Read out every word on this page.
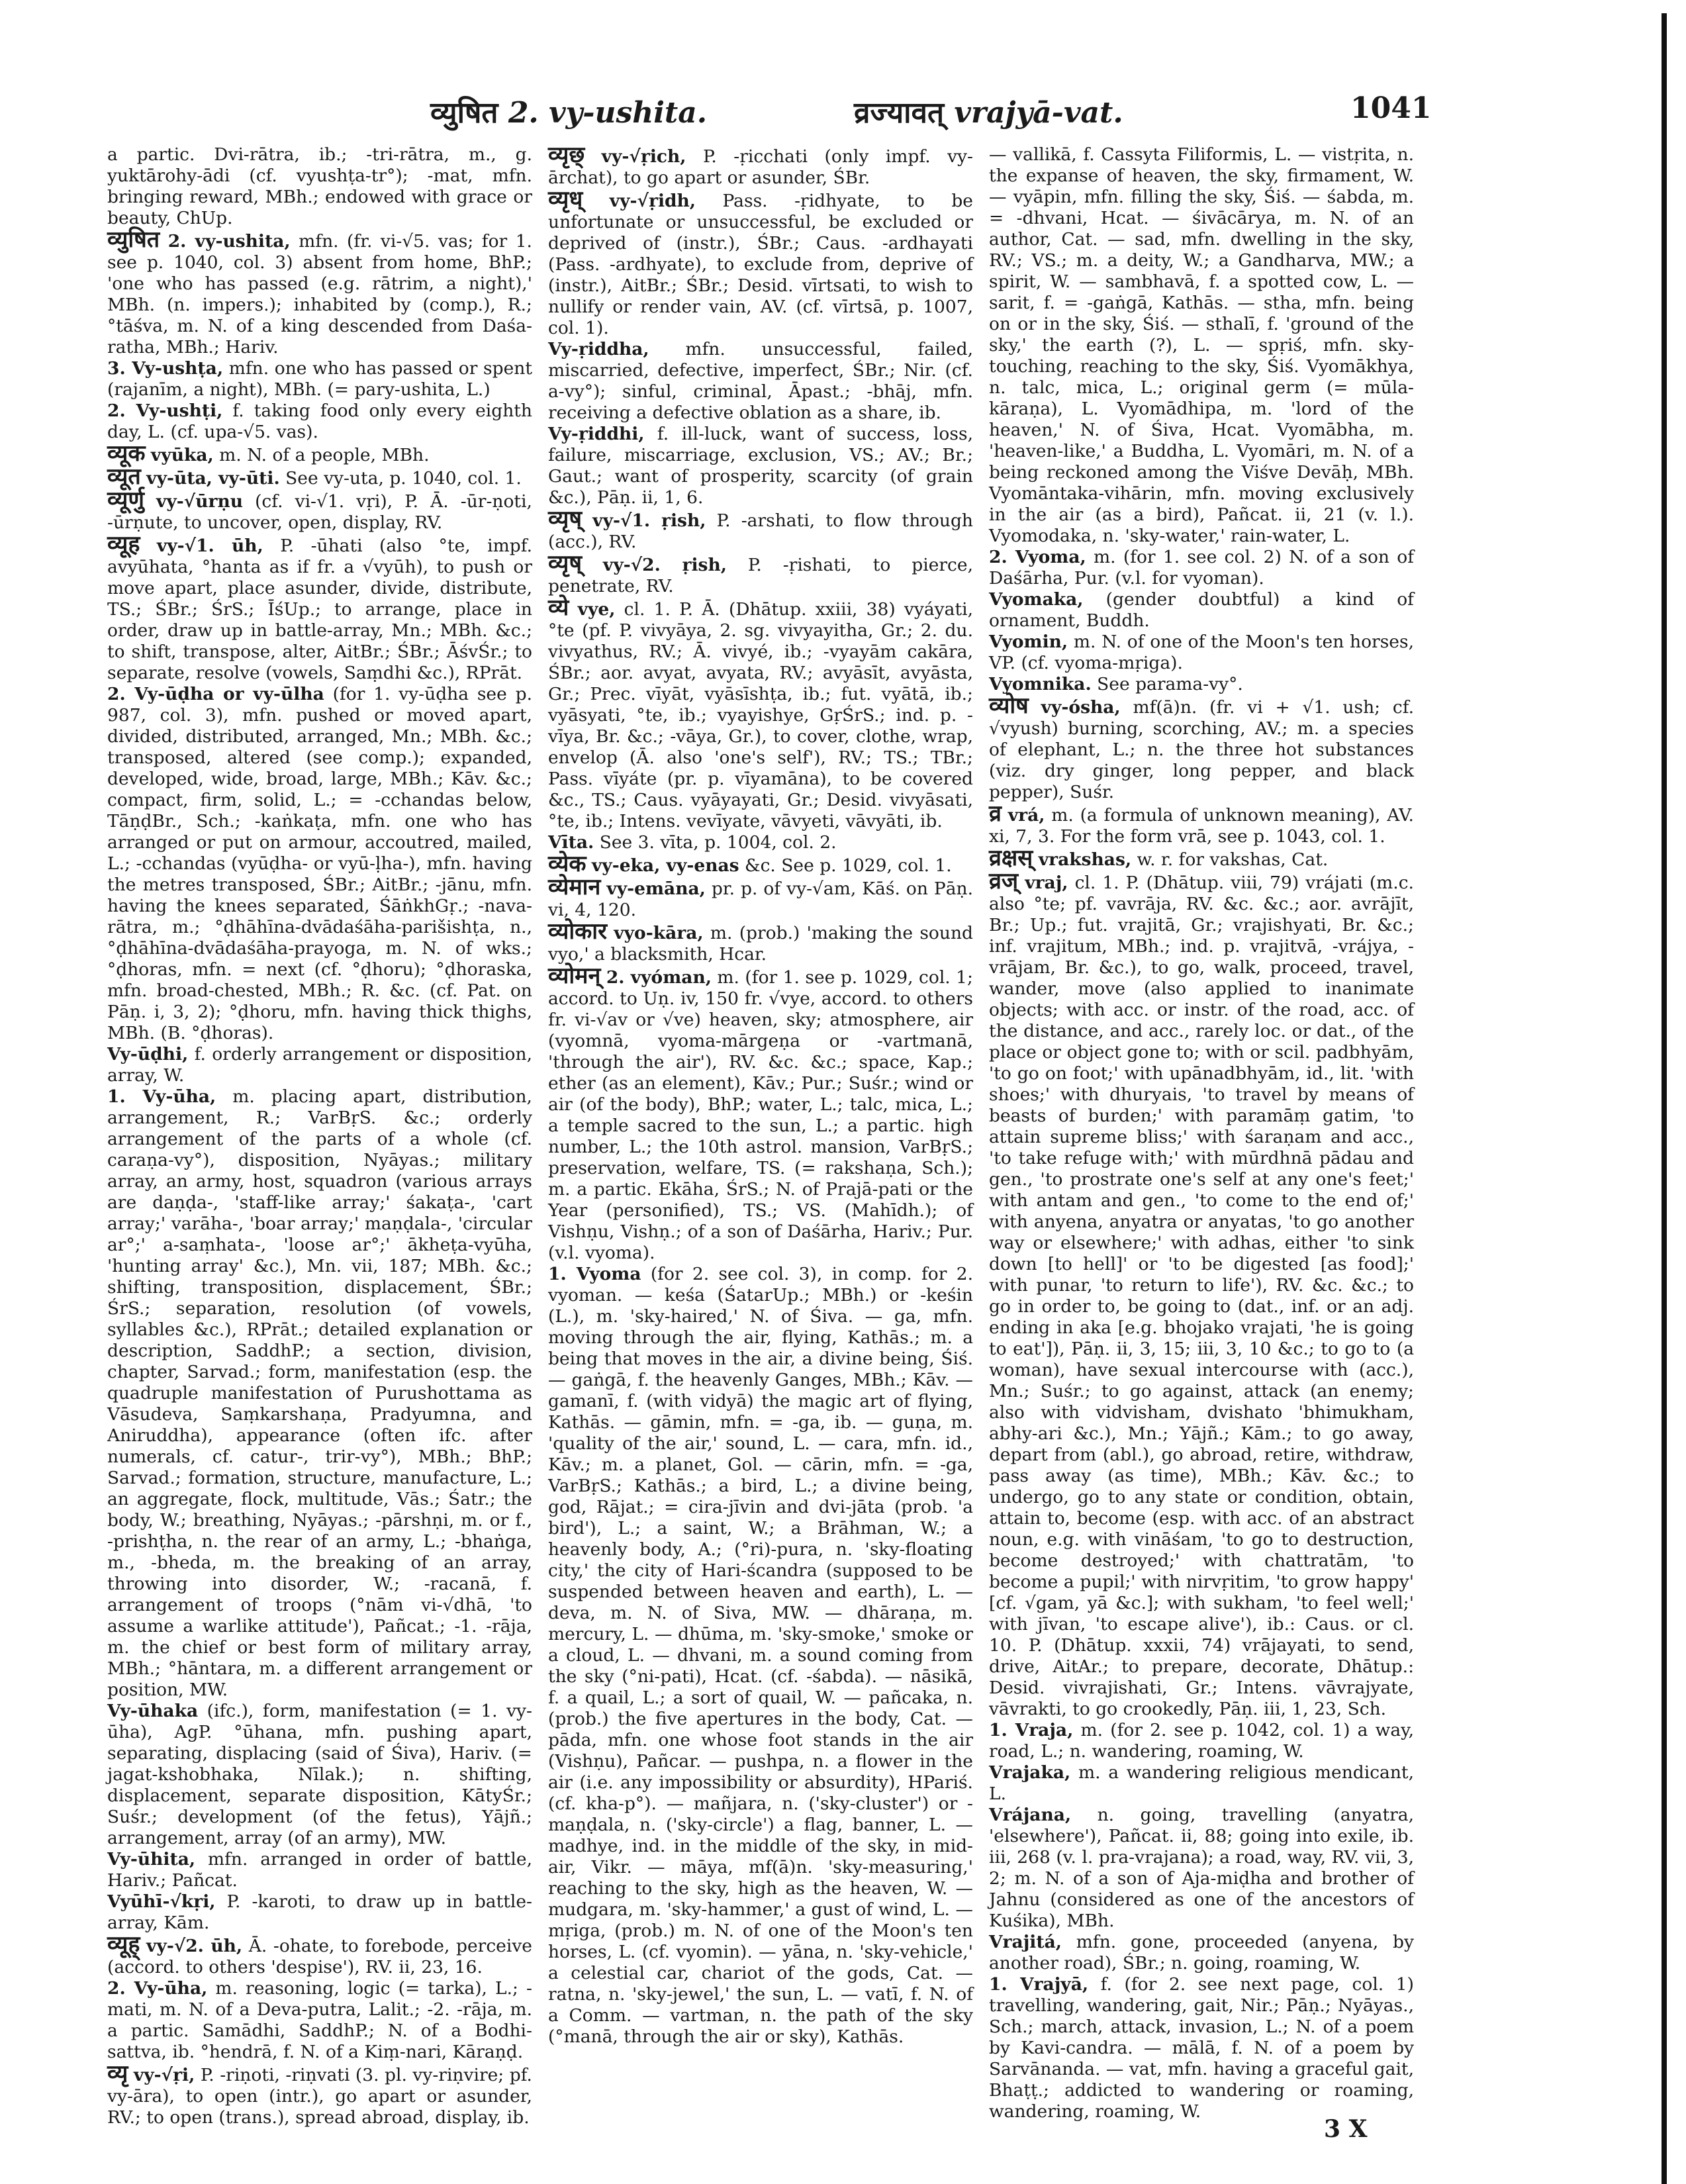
व्युषित 2. vy-ushita.	व्रज्यावत् vrajyā-vat.	1041

a partic. Dvi-rātra, ib.; -tri-rātra, m., g. yuktārohy-ādi (cf. vyushṭa-tr°); -mat, mfn. bringing reward, MBh.; endowed with grace or beauty, ChUp.

व्युषित 2. vy-ushita, mfn. (fr. vi-√5. vas; for 1. see p. 1040, col. 3) absent from home, BhP.; 'one who has passed (e.g. rātrim, a night),' MBh. (n. impers.); inhabited by (comp.), R.; °tāśva, m. N. of a king descended from Daśa-ratha, MBh.; Hariv.

3. Vy-ushṭa, mfn. one who has passed or spent (rajanīm, a night), MBh. (= pary-ushita, L.)

2. Vy-ushṭi, f. taking food only every eighth day, L. (cf. upa-√5. vas).

व्यूक vyūka, m. N. of a people, MBh.

व्यूत vy-ūta, vy-ūti. See vy-uta, p. 1040, col. 1.

व्यूर्णु vy-√ūrṇu (cf. vi-√1. vṛi), P. Ā. -ūr-ṇoti, -ūrṇute, to uncover, open, display, RV.

व्यूह vy-√1. ūh, P. -ūhati (also °te, impf. avyūhata, °hanta as if fr. a √vyūh), to push or move apart, place asunder, divide, distribute, TS.; ŚBr.; ŚrS.; ĪśUp.; to arrange, place in order, draw up in battle-array, Mn.; MBh. &c.; to shift, transpose, alter, AitBr.; ŚBr.; ĀśvŚr.; to separate, resolve (vowels, Saṃdhi &c.), RPrāt.

2. Vy-ūḍha or vy-ūlha (for 1. vy-ūḍha see p. 987, col. 3), mfn. pushed or moved apart, divided, distributed, arranged, Mn.; MBh. &c.; transposed, altered (see comp.); expanded, developed, wide, broad, large, MBh.; Kāv. &c.; compact, firm, solid, L.; = -cchandas below, TāṇḍBr., Sch.; -kaṅkaṭa, mfn. one who has arranged or put on armour, accoutred, mailed, L.; -cchandas (vyūḍha- or vyū-ḷha-), mfn. having the metres transposed, ŚBr.; AitBr.; -jānu, mfn. having the knees separated, ŚāṅkhGṛ.; -nava-rātra, m.; °ḍhāhīna-dvādaśāha-parišishṭa, n., °ḍhāhīna-dvādaśāha-prayoga, m. N. of wks.; °ḍhoras, mfn. = next (cf. °ḍhoru); °ḍhoraska, mfn. broad-chested, MBh.; R. &c. (cf. Pat. on Pāṇ. i, 3, 2); °ḍhoru, mfn. having thick thighs, MBh. (B. °ḍhoras).

Vy-ūḍhi, f. orderly arrangement or disposition, array, W.

1. Vy-ūha, m. placing apart, distribution, arrangement, R.; VarBṛS. &c.; orderly arrangement of the parts of a whole (cf. caraṇa-vy°), disposition, Nyāyas.; military array, an army, host, squadron (various arrays are daṇḍa-, 'staff-like array;' śakaṭa-, 'cart array;' varāha-, 'boar array;' maṇḍala-, 'circular ar°;' a-saṃhata-, 'loose ar°;' ākheṭa-vyūha, 'hunting array' &c.), Mn. vii, 187; MBh. &c.; shifting, transposition, displacement, ŚBr.; ŚrS.; separation, resolution (of vowels, syllables &c.), RPrāt.; detailed explanation or description, SaddhP.; a section, division, chapter, Sarvad.; form, manifestation (esp. the quadruple manifestation of Purushottama as Vāsudeva, Saṃkarshaṇa, Pradyumna, and Aniruddha), appearance (often ifc. after numerals, cf. catur-, trir-vy°), MBh.; BhP.; Sarvad.; formation, structure, manufacture, L.; an aggregate, flock, multitude, Vās.; Śatr.; the body, W.; breathing, Nyāyas.; -pārshṇi, m. or f., -prishṭha, n. the rear of an army, L.; -bhaṅga, m., -bheda, m. the breaking of an array, throwing into disorder, W.; -racanā, f. arrangement of troops (°nām vi-√dhā, 'to assume a warlike attitude'), Pañcat.; -1. -rāja, m. the chief or best form of military array, MBh.; °hāntara, m. a different arrangement or position, MW.

Vy-ūhaka (ifc.), form, manifestation (= 1. vy-ūha), AgP. °ūhana, mfn. pushing apart, separating, displacing (said of Śiva), Hariv. (= jagat-kshobhaka, Nīlak.); n. shifting, displacement, separate disposition, KātyŚr.; Suśr.; development (of the fetus), Yājñ.; arrangement, array (of an army), MW.

Vy-ūhita, mfn. arranged in order of battle, Hariv.; Pañcat.

Vyūhī-√kṛi, P. -karoti, to draw up in battle-array, Kām.

व्यूह् vy-√2. ūh, Ā. -ohate, to forebode, perceive (accord. to others 'despise'), RV. ii, 23, 16.

2. Vy-ūha, m. reasoning, logic (= tarka), L.; -mati, m. N. of a Deva-putra, Lalit.; -2. -rāja, m. a partic. Samādhi, SaddhP.; N. of a Bodhi-sattva, ib. °hendrā, f. N. of a Kiṃ-nari, Kāraṇḍ.

व्यृ vy-√ṛi, P. -riṇoti, -riṇvati (3. pl. vy-riṇvire; pf. vy-āra), to open (intr.), go apart or asunder, RV.; to open (trans.), spread abroad, display, ib.

व्यृछ् vy-√ṛich, P. -ṛicchati (only impf. vy-ārchat), to go apart or asunder, ŚBr.

व्यृध् vy-√ṛidh, Pass. -ṛidhyate, to be unfortunate or unsuccessful, be excluded or deprived of (instr.), ŚBr.; Caus. -ardhayati (Pass. -ardhyate), to exclude from, deprive of (instr.), AitBr.; ŚBr.; Desid. vīrtsati, to wish to nullify or render vain, AV. (cf. vīrtsā, p. 1007, col. 1).

Vy-ṛiddha, mfn. unsuccessful, failed, miscarried, defective, imperfect, ŚBr.; Nir. (cf. a-vy°); sinful, criminal, Āpast.; -bhāj, mfn. receiving a defective oblation as a share, ib.

Vy-ṛiddhi, f. ill-luck, want of success, loss, failure, miscarriage, exclusion, VS.; AV.; Br.; Gaut.; want of prosperity, scarcity (of grain &c.), Pāṇ. ii, 1, 6.

व्यृष् vy-√1. ṛish, P. -arshati, to flow through (acc.), RV.

व्यृष् vy-√2. ṛish, P. -ṛishati, to pierce, penetrate, RV.

व्ये vye, cl. 1. P. Ā. (Dhātup. xxiii, 38) vyáyati, °te (pf. P. vivyāya, 2. sg. vivyayitha, Gr.; 2. du. vivyathus, RV.; Ā. vivyé, ib.; -vyayām cakāra, ŚBr.; aor. avyat, avyata, RV.; avyāsīt, avyāsta, Gr.; Prec. vīyāt, vyāsīshṭa, ib.; fut. vyātā, ib.; vyāsyati, °te, ib.; vyayishye, GṛŚrS.; ind. p. -vīya, Br. &c.; -vāya, Gr.), to cover, clothe, wrap, envelop (Ā. also 'one's self'), RV.; TS.; TBr.; Pass. vīyáte (pr. p. vīyamāna), to be covered &c., TS.; Caus. vyāyayati, Gr.; Desid. vivyāsati, °te, ib.; Intens. vevīyate, vāvyeti, vāvyāti, ib.

Vīta. See 3. vīta, p. 1004, col. 2.

व्येक vy-eka, vy-enas &c. See p. 1029, col. 1.

व्येमान vy-emāna, pr. p. of vy-√am, Kāś. on Pāṇ. vi, 4, 120.

व्योकार vyo-kāra, m. (prob.) 'making the sound vyo,' a blacksmith, Hcar.

व्योमन् 2. vyóman, m. (for 1. see p. 1029, col. 1; accord. to Uṇ. iv, 150 fr. √vye, accord. to others fr. vi-√av or √ve) heaven, sky; atmosphere, air (vyomnā, vyoma-mārgeṇa or -vartmanā, 'through the air'), RV. &c. &c.; space, Kap.; ether (as an element), Kāv.; Pur.; Suśr.; wind or air (of the body), BhP.; water, L.; talc, mica, L.; a temple sacred to the sun, L.; a partic. high number, L.; the 10th astrol. mansion, VarBṛS.; preservation, welfare, TS. (= rakshaṇa, Sch.); m. a partic. Ekāha, ŚrS.; N. of Prajā-pati or the Year (personified), TS.; VS. (Mahīdh.); of Vishṇu, Vishṇ.; of a son of Daśārha, Hariv.; Pur. (v.l. vyoma).

1. Vyoma (for 2. see col. 3), in comp. for 2. vyoman. — keśa (ŚatarUp.; MBh.) or -keśin (L.), m. 'sky-haired,' N. of Śiva. — ga, mfn. moving through the air, flying, Kathās.; m. a being that moves in the air, a divine being, Śiś. — gaṅgā, f. the heavenly Ganges, MBh.; Kāv. — gamanī, f. (with vidyā) the magic art of flying, Kathās. — gāmin, mfn. = -ga, ib. — guṇa, m. 'quality of the air,' sound, L. — cara, mfn. id., Kāv.; m. a planet, Gol. — cārin, mfn. = -ga, VarBṛS.; Kathās.; a bird, L.; a divine being, god, Rājat.; = cira-jīvin and dvi-jāta (prob. 'a bird'), L.; a saint, W.; a Brāhman, W.; a heavenly body, A.; (°ri)-pura, n. 'sky-floating city,' the city of Hari-ścandra (supposed to be suspended between heaven and earth), L. — deva, m. N. of Siva, MW. — dhāraṇa, m. mercury, L. — dhūma, m. 'sky-smoke,' smoke or a cloud, L. — dhvani, m. a sound coming from the sky (°ni-pati), Hcat. (cf. -śabda). — nāsikā, f. a quail, L.; a sort of quail, W. — pañcaka, n. (prob.) the five apertures in the body, Cat. — pāda, mfn. one whose foot stands in the air (Vishṇu), Pañcar. — pushpa, n. a flower in the air (i.e. any impossibility or absurdity), HPariś. (cf. kha-p°). — mañjara, n. ('sky-cluster') or -maṇḍala, n. ('sky-circle') a flag, banner, L. — madhye, ind. in the middle of the sky, in mid-air, Vikr. — māya, mf(ā)n. 'sky-measuring,' reaching to the sky, high as the heaven, W. — mudgara, m. 'sky-hammer,' a gust of wind, L. — mṛiga, (prob.) m. N. of one of the Moon's ten horses, L. (cf. vyomin). — yāna, n. 'sky-vehicle,' a celestial car, chariot of the gods, Cat. — ratna, n. 'sky-jewel,' the sun, L. — vatī, f. N. of a Comm. — vartman, n. the path of the sky (°manā, through the air or sky), Kathās.

— vallikā, f. Cassyta Filiformis, L. — vistṛita, n. the expanse of heaven, the sky, firmament, W. — vyāpin, mfn. filling the sky, Śiś. — śabda, m. = -dhvani, Hcat. — śivācārya, m. N. of an author, Cat. — sad, mfn. dwelling in the sky, RV.; VS.; m. a deity, W.; a Gandharva, MW.; a spirit, W. — sambhavā, f. a spotted cow, L. — sarit, f. = -gaṅgā, Kathās. — stha, mfn. being on or in the sky, Śiś. — sthalī, f. 'ground of the sky,' the earth (?), L. — spṛiś, mfn. sky-touching, reaching to the sky, Śiś. Vyomākhya, n. talc, mica, L.; original germ (= mūla-kāraṇa), L. Vyomādhipa, m. 'lord of the heaven,' N. of Śiva, Hcat. Vyomābha, m. 'heaven-like,' a Buddha, L. Vyomāri, m. N. of a being reckoned among the Viśve Devāḥ, MBh. Vyomāntaka-vihārin, mfn. moving exclusively in the air (as a bird), Pañcat. ii, 21 (v. l.). Vyomodaka, n. 'sky-water,' rain-water, L.

2. Vyoma, m. (for 1. see col. 2) N. of a son of Daśārha, Pur. (v.l. for vyoman).

Vyomaka, (gender doubtful) a kind of ornament, Buddh.

Vyomin, m. N. of one of the Moon's ten horses, VP. (cf. vyoma-mṛiga).

Vyomnika. See parama-vy°.

व्योष vy-ósha, mf(ā)n. (fr. vi + √1. ush; cf. √vyush) burning, scorching, AV.; m. a species of elephant, L.; n. the three hot substances (viz. dry ginger, long pepper, and black pepper), Suśr.

व्र vrá, m. (a formula of unknown meaning), AV. xi, 7, 3. For the form vrā, see p. 1043, col. 1.

व्रक्षस् vrakshas, w. r. for vakshas, Cat.

व्रज् vraj, cl. 1. P. (Dhātup. viii, 79) vrájati (m.c. also °te; pf. vavrāja, RV. &c. &c.; aor. avrājīt, Br.; Up.; fut. vrajitā, Gr.; vrajishyati, Br. &c.; inf. vrajitum, MBh.; ind. p. vrajitvā, -vrájya, -vrājam, Br. &c.), to go, walk, proceed, travel, wander, move (also applied to inanimate objects; with acc. or instr. of the road, acc. of the distance, and acc., rarely loc. or dat., of the place or object gone to; with or scil. padbhyām, 'to go on foot;' with upānadbhyām, id., lit. 'with shoes;' with dhuryais, 'to travel by means of beasts of burden;' with paramāṃ gatim, 'to attain supreme bliss;' with śaraṇam and acc., 'to take refuge with;' with mūrdhnā pādau and gen., 'to prostrate one's self at any one's feet;' with antam and gen., 'to come to the end of;' with anyena, anyatra or anyatas, 'to go another way or elsewhere;' with adhas, either 'to sink down [to hell]' or 'to be digested [as food];' with punar, 'to return to life'), RV. &c. &c.; to go in order to, be going to (dat., inf. or an adj. ending in aka [e.g. bhojako vrajati, 'he is going to eat']), Pāṇ. ii, 3, 15; iii, 3, 10 &c.; to go to (a woman), have sexual intercourse with (acc.), Mn.; Suśr.; to go against, attack (an enemy; also with vidvisham, dvishato 'bhimukham, abhy-ari &c.), Mn.; Yājñ.; Kām.; to go away, depart from (abl.), go abroad, retire, withdraw, pass away (as time), MBh.; Kāv. &c.; to undergo, go to any state or condition, obtain, attain to, become (esp. with acc. of an abstract noun, e.g. with vināśam, 'to go to destruction, become destroyed;' with chattratām, 'to become a pupil;' with nirvṛitim, 'to grow happy' [cf. √gam, yā &c.]; with sukham, 'to feel well;' with jīvan, 'to escape alive'), ib.: Caus. or cl. 10. P. (Dhātup. xxxii, 74) vrājayati, to send, drive, AitAr.; to prepare, decorate, Dhātup.: Desid. vivrajishati, Gr.; Intens. vāvrajyate, vāvrakti, to go crookedly, Pāṇ. iii, 1, 23, Sch.

1. Vraja, m. (for 2. see p. 1042, col. 1) a way, road, L.; n. wandering, roaming, W.

Vrajaka, m. a wandering religious mendicant, L.

Vrájana, n. going, travelling (anyatra, 'elsewhere'), Pañcat. ii, 88; going into exile, ib. iii, 268 (v. l. pra-vrajana); a road, way, RV. vii, 3, 2; m. N. of a son of Aja-miḍha and brother of Jahnu (considered as one of the ancestors of Kuśika), MBh.

Vrajitá, mfn. gone, proceeded (anyena, by another road), ŚBr.; n. going, roaming, W.

1. Vrajyā, f. (for 2. see next page, col. 1) travelling, wandering, gait, Nir.; Pāṇ.; Nyāyas., Sch.; march, attack, invasion, L.; N. of a poem by Kavi-candra. — mālā, f. N. of a poem by Sarvānanda. — vat, mfn. having a graceful gait, Bhaṭṭ.; addicted to wandering or roaming, wandering, roaming, W.

3 X
